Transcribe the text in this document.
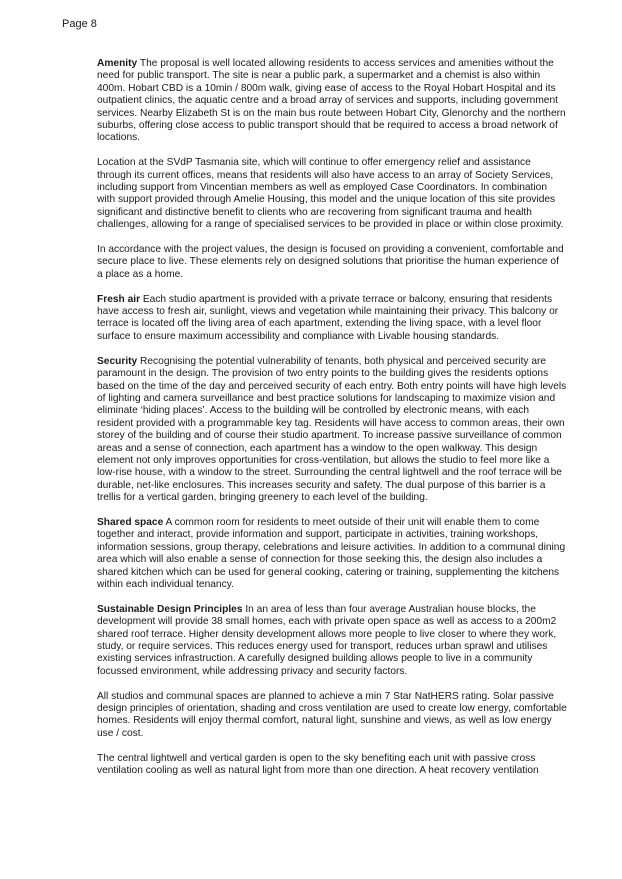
Page 8

Amenity The proposal is well located allowing residents to access services and amenities without the need for public transport. The site is near a public park, a supermarket and a chemist is also within 400m. Hobart CBD is a 10min / 800m walk, giving ease of access to the Royal Hobart Hospital and its outpatient clinics, the aquatic centre and a broad array of services and supports, including government services. Nearby Elizabeth St is on the main bus route between Hobart City, Glenorchy and the northern suburbs, offering close access to public transport should that be required to access a broad network of locations.

Location at the SVdP Tasmania site, which will continue to offer emergency relief and assistance through its current offices, means that residents will also have access to an array of Society Services, including support from Vincentian members as well as employed Case Coordinators. In combination with support provided through Amelie Housing, this model and the unique location of this site provides significant and distinctive benefit to clients who are recovering from significant trauma and health challenges, allowing for a range of specialised services to be provided in place or within close proximity.

In accordance with the project values, the design is focused on providing a convenient, comfortable and secure place to live. These elements rely on designed solutions that prioritise the human experience of a place as a home.

Fresh air Each studio apartment is provided with a private terrace or balcony, ensuring that residents have access to fresh air, sunlight, views and vegetation while maintaining their privacy. This balcony or terrace is located off the living area of each apartment, extending the living space, with a level floor surface to ensure maximum accessibility and compliance with Livable housing standards.

Security Recognising the potential vulnerability of tenants, both physical and perceived security are paramount in the design. The provision of two entry points to the building gives the residents options based on the time of the day and perceived security of each entry. Both entry points will have high levels of lighting and camera surveillance and best practice solutions for landscaping to maximize vision and eliminate ‘hiding places’. Access to the building will be controlled by electronic means, with each resident provided with a programmable key tag. Residents will have access to common areas, their own storey of the building and of course their studio apartment. To increase passive surveillance of common areas and a sense of connection, each apartment has a window to the open walkway. This design element not only improves opportunities for cross-ventilation, but allows the studio to feel more like a low-rise house, with a window to the street. Surrounding the central lightwell and the roof terrace will be durable, net-like enclosures. This increases security and safety. The dual purpose of this barrier is a trellis for a vertical garden, bringing greenery to each level of the building.

Shared space A common room for residents to meet outside of their unit will enable them to come together and interact, provide information and support, participate in activities, training workshops, information sessions, group therapy, celebrations and leisure activities. In addition to a communal dining area which will also enable a sense of connection for those seeking this, the design also includes a shared kitchen which can be used for general cooking, catering or training, supplementing the kitchens within each individual tenancy.

Sustainable Design Principles In an area of less than four average Australian house blocks, the development will provide 38 small homes, each with private open space as well as access to a 200m2 shared roof terrace. Higher density development allows more people to live closer to where they work, study, or require services. This reduces energy used for transport, reduces urban sprawl and utilises existing services infrastruction. A carefully designed building allows people to live in a community focussed environment, while addressing privacy and security factors.

All studios and communal spaces are planned to achieve a min 7 Star NatHERS rating. Solar passive design principles of orientation, shading and cross ventilation are used to create low energy, comfortable homes. Residents will enjoy thermal comfort, natural light, sunshine and views, as well as low energy use / cost.

The central lightwell and vertical garden is open to the sky benefiting each unit with passive cross ventilation cooling as well as natural light from more than one direction. A heat recovery ventilation
